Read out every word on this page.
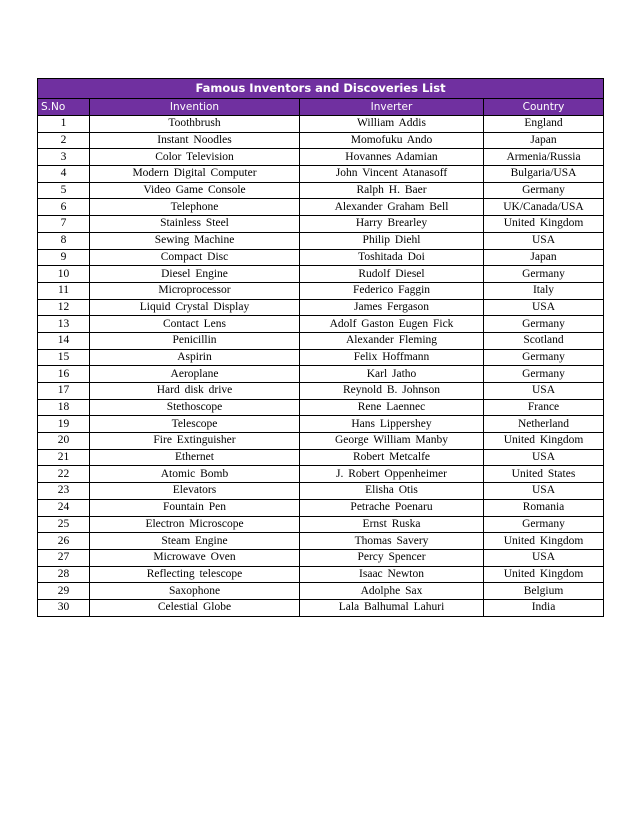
Famous Inventors and Discoveries List			
S.No	Invention	Inverter	Country
1	Toothbrush	William Addis	England
2	Instant Noodles	Momofuku Ando	Japan
3	Color Television	Hovannes Adamian	Armenia/Russia
4	Modern Digital Computer	John Vincent Atanasoff	Bulgaria/USA
5	Video Game Console	Ralph H. Baer	Germany
6	Telephone	Alexander Graham Bell	UK/Canada/USA
7	Stainless Steel	Harry Brearley	United Kingdom
8	Sewing Machine	Philip Diehl	USA
9	Compact Disc	Toshitada Doi	Japan
10	Diesel Engine	Rudolf Diesel	Germany
11	Microprocessor	Federico Faggin	Italy
12	Liquid Crystal Display	James Fergason	USA
13	Contact Lens	Adolf Gaston Eugen Fick	Germany
14	Penicillin	Alexander Fleming	Scotland
15	Aspirin	Felix Hoffmann	Germany
16	Aeroplane	Karl Jatho	Germany
17	Hard disk drive	Reynold B. Johnson	USA
18	Stethoscope	Rene Laennec	France
19	Telescope	Hans Lippershey	Netherland
20	Fire Extinguisher	George William Manby	United Kingdom
21	Ethernet	Robert Metcalfe	USA
22	Atomic Bomb	J. Robert Oppenheimer	United States
23	Elevators	Elisha Otis	USA
24	Fountain Pen	Petrache Poenaru	Romania
25	Electron Microscope	Ernst Ruska	Germany
26	Steam Engine	Thomas Savery	United Kingdom
27	Microwave Oven	Percy Spencer	USA
28	Reflecting telescope	Isaac Newton	United Kingdom
29	Saxophone	Adolphe Sax	Belgium
30	Celestial Globe	Lala Balhumal Lahuri	India
